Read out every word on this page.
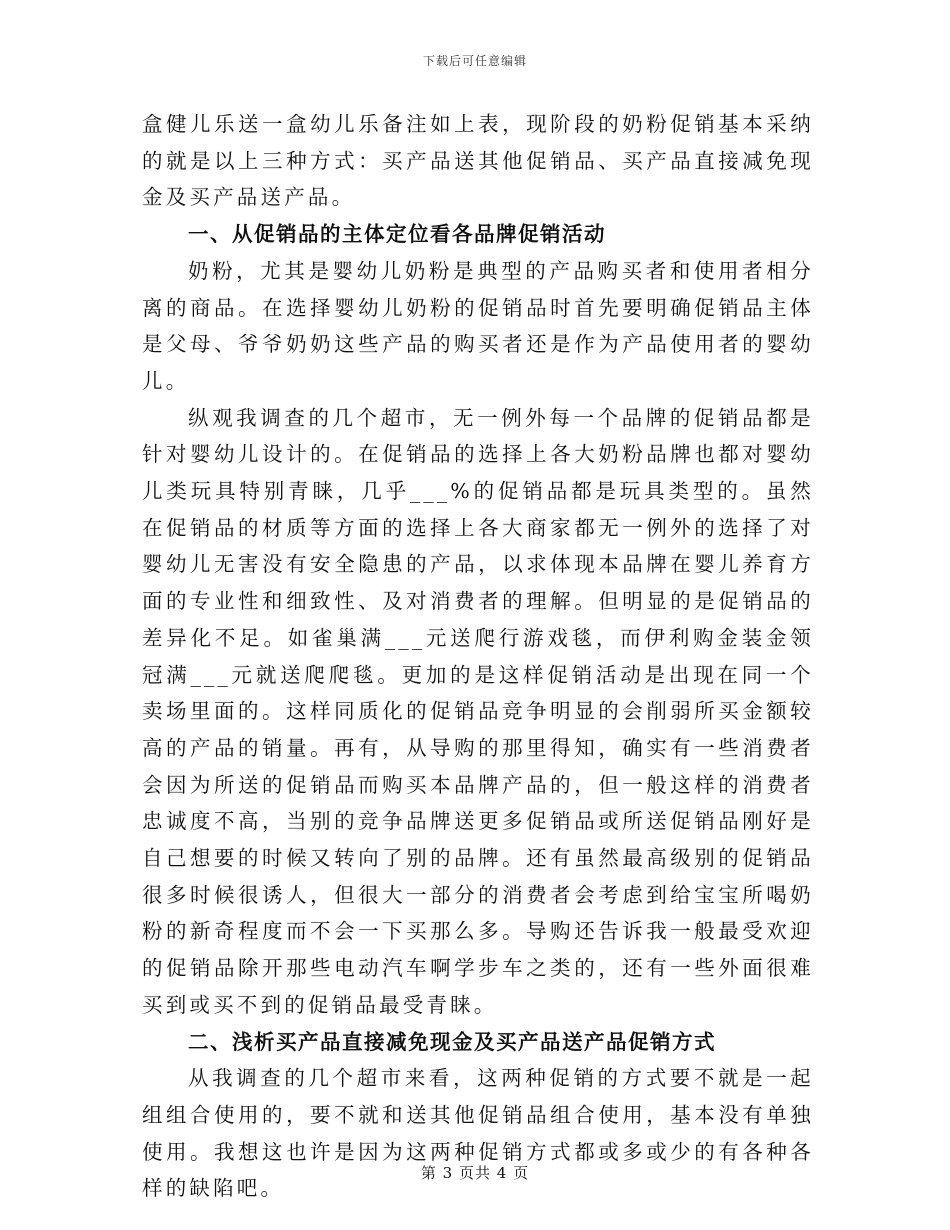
下载后可任意编辑

盒健儿乐送一盒幼儿乐备注如上表，现阶段的奶粉促销基本采纳的就是以上三种方式：买产品送其他促销品、买产品直接减免现金及买产品送产品。

一、从促销品的主体定位看各品牌促销活动

奶粉，尤其是婴幼儿奶粉是典型的产品购买者和使用者相分离的商品。在选择婴幼儿奶粉的促销品时首先要明确促销品主体是父母、爷爷奶奶这些产品的购买者还是作为产品使用者的婴幼儿。

纵观我调查的几个超市，无一例外每一个品牌的促销品都是针对婴幼儿设计的。在促销品的选择上各大奶粉品牌也都对婴幼儿类玩具特别青睐，几乎___%的促销品都是玩具类型的。虽然在促销品的材质等方面的选择上各大商家都无一例外的选择了对婴幼儿无害没有安全隐患的产品，以求体现本品牌在婴儿养育方面的专业性和细致性、及对消费者的理解。但明显的是促销品的差异化不足。如雀巢满___元送爬行游戏毯，而伊利购金装金领冠满___元就送爬爬毯。更加的是这样促销活动是出现在同一个卖场里面的。这样同质化的促销品竞争明显的会削弱所买金额较高的产品的销量。再有，从导购的那里得知，确实有一些消费者会因为所送的促销品而购买本品牌产品的，但一般这样的消费者忠诚度不高，当别的竞争品牌送更多促销品或所送促销品刚好是自己想要的时候又转向了别的品牌。还有虽然最高级别的促销品很多时候很诱人，但很大一部分的消费者会考虑到给宝宝所喝奶粉的新奇程度而不会一下买那么多。导购还告诉我一般最受欢迎的促销品除开那些电动汽车啊学步车之类的，还有一些外面很难买到或买不到的促销品最受青睐。

二、浅析买产品直接减免现金及买产品送产品促销方式

从我调查的几个超市来看，这两种促销的方式要不就是一起组组合使用的，要不就和送其他促销品组合使用，基本没有单独使用。我想这也许是因为这两种促销方式都或多或少的有各种各样的缺陷吧。

第 3 页共 4 页
